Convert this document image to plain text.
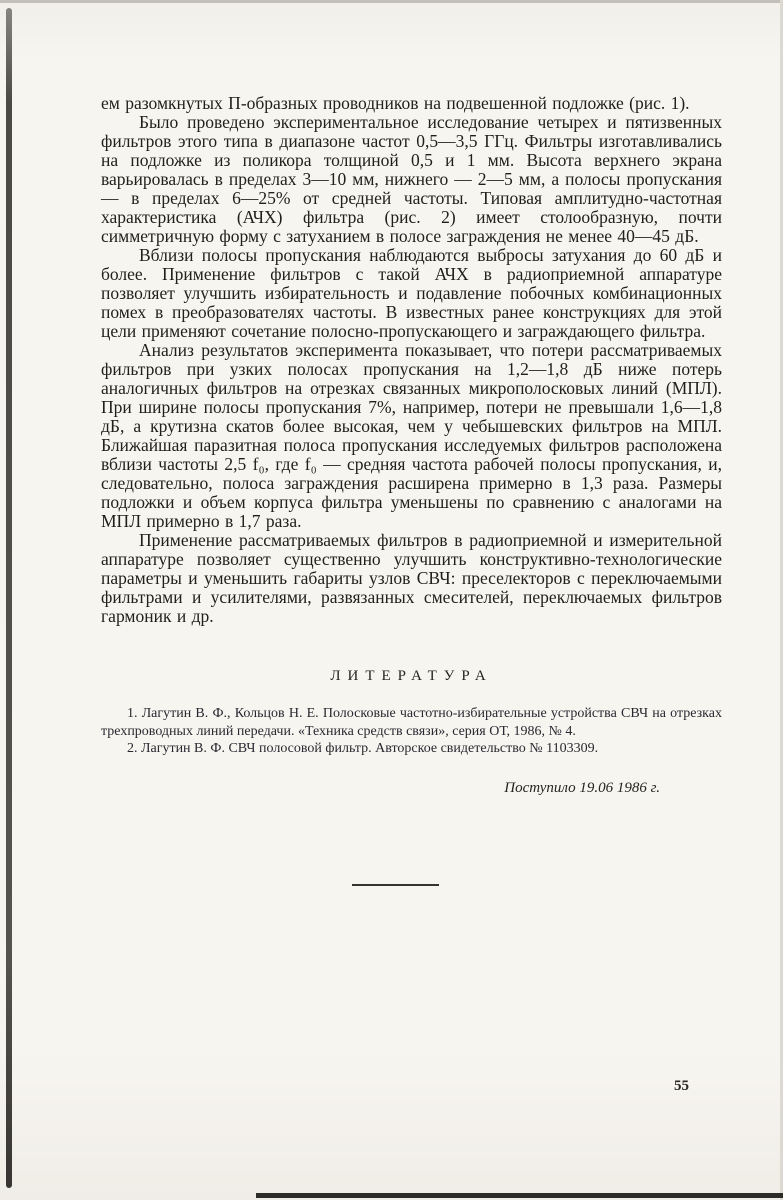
ем разомкнутых П-образных проводников на подвешенной подложке (рис. 1).

Было проведено экспериментальное исследование четырех и пятизвенных фильтров этого типа в диапазоне частот 0,5—3,5 ГГц. Фильтры изготавливались на подложке из поликора толщиной 0,5 и 1 мм. Высота верхнего экрана варьировалась в пределах 3—10 мм, нижнего — 2—5 мм, а полосы пропускания — в пределах 6—25% от средней частоты. Типовая амплитудно-частотная характеристика (АЧХ) фильтра (рис. 2) имеет столообразную, почти симметричную форму с затуханием в полосе заграждения не менее 40—45 дБ.

Вблизи полосы пропускания наблюдаются выбросы затухания до 60 дБ и более. Применение фильтров с такой АЧХ в радиоприемной аппаратуре позволяет улучшить избирательность и подавление побочных комбинационных помех в преобразователях частоты. В известных ранее конструкциях для этой цели применяют сочетание полосно-пропускающего и заграждающего фильтра.

Анализ результатов эксперимента показывает, что потери рассматриваемых фильтров при узких полосах пропускания на 1,2—1,8 дБ ниже потерь аналогичных фильтров на отрезках связанных микрополосковых линий (МПЛ). При ширине полосы пропускания 7%, например, потери не превышали 1,6—1,8 дБ, а крутизна скатов более высокая, чем у чебышевских фильтров на МПЛ. Ближайшая паразитная полоса пропускания исследуемых фильтров расположена вблизи частоты 2,5 f₀, где f₀ — средняя частота рабочей полосы пропускания, и, следовательно, полоса заграждения расширена примерно в 1,3 раза. Размеры подложки и объем корпуса фильтра уменьшены по сравнению с аналогами на МПЛ примерно в 1,7 раза.

Применение рассматриваемых фильтров в радиоприемной и измерительной аппаратуре позволяет существенно улучшить конструктивно-технологические параметры и уменьшить габариты узлов СВЧ: преселекторов с переключаемыми фильтрами и усилителями, развязанных смесителей, переключаемых фильтров гармоник и др.

ЛИТЕРАТУРА

1. Лагутин В. Ф., Кольцов Н. Е. Полосковые частотно-избирательные устройства СВЧ на отрезках трехпроводных линий передачи. «Техника средств связи», серия ОТ, 1986, № 4.

2. Лагутин В. Ф. СВЧ полосовой фильтр. Авторское свидетельство № 1103309.

Поступило 19.06 1986 г.

55
